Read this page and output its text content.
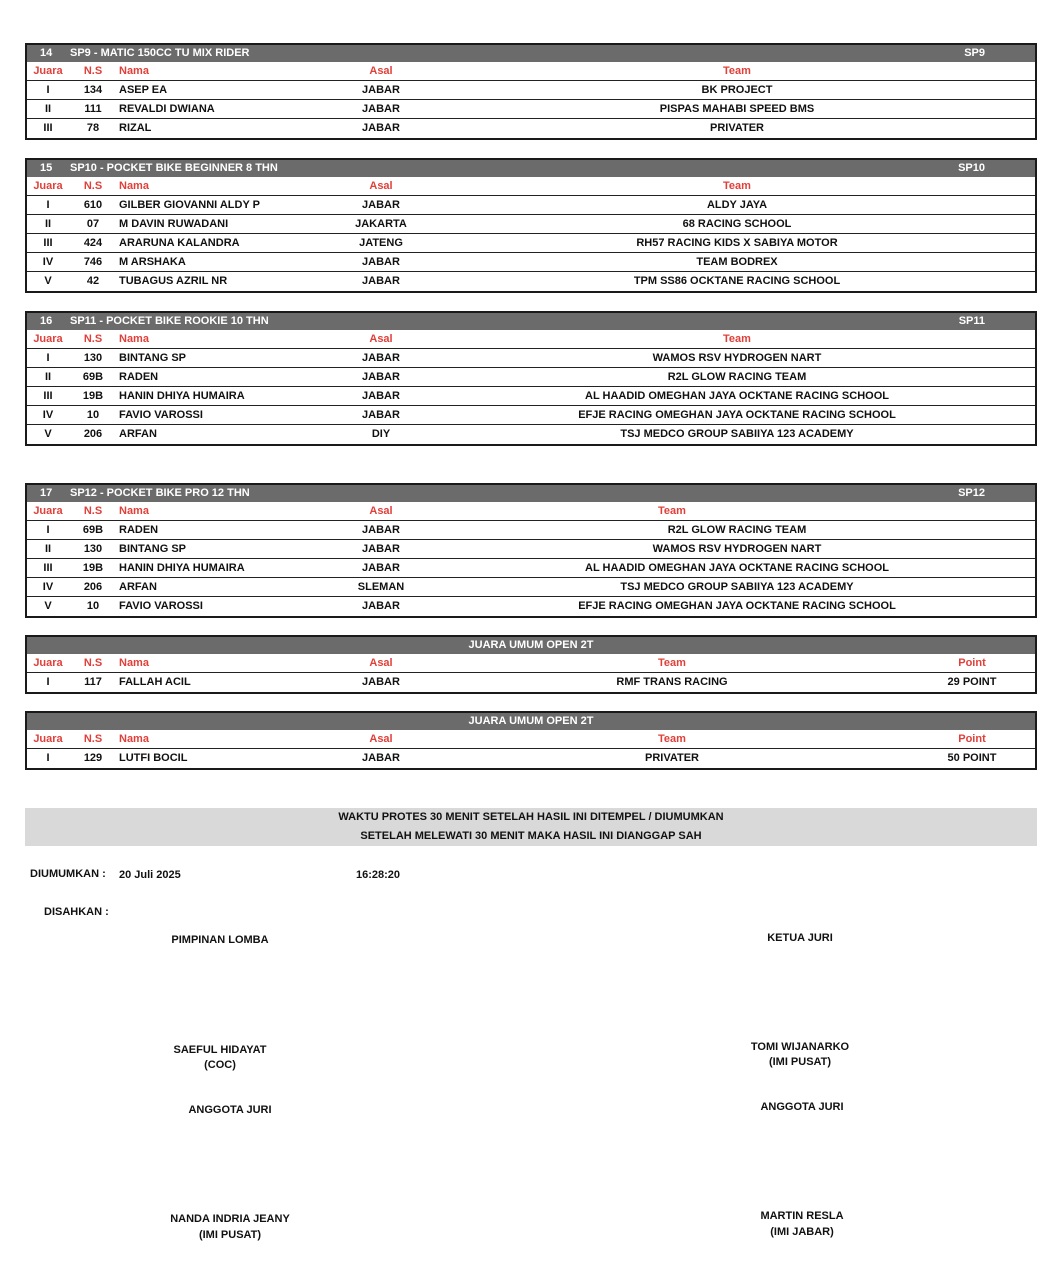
14 SP9 - MATIC 150CC TU MIX RIDER	SP9
Juara	N.S	Nama	Asal	Team
I	134	ASEP EA	JABAR	BK PROJECT
II	111	REVALDI DWIANA	JABAR	PISPAS MAHABI SPEED BMS
III	78	RIZAL	JABAR	PRIVATER
15 SP10 - POCKET BIKE BEGINNER 8 THN	SP10
Juara	N.S	Nama	Asal	Team
I	610	GILBER GIOVANNI ALDY P	JABAR	ALDY JAYA
II	07	M DAVIN RUWADANI	JAKARTA	68 RACING SCHOOL
III	424	ARARUNA KALANDRA	JATENG	RH57 RACING KIDS X SABIYA MOTOR
IV	746	M ARSHAKA	JABAR	TEAM BODREX
V	42	TUBAGUS AZRIL NR	JABAR	TPM SS86 OCKTANE RACING SCHOOL
16 SP11 - POCKET BIKE ROOKIE 10 THN	SP11
Juara	N.S	Nama	Asal	Team
I	130	BINTANG SP	JABAR	WAMOS RSV HYDROGEN NART
II	69B	RADEN	JABAR	R2L GLOW RACING TEAM
III	19B	HANIN DHIYA HUMAIRA	JABAR	AL HAADID OMEGHAN JAYA OCKTANE RACING SCHOOL
IV	10	FAVIO VAROSSI	JABAR	EFJE RACING OMEGHAN JAYA OCKTANE RACING SCHOOL
V	206	ARFAN	DIY	TSJ MEDCO GROUP SABIIYA 123 ACADEMY
17 SP12 - POCKET BIKE PRO 12 THN	SP12
Juara	N.S	Nama	Asal	Team
I	69B	RADEN	JABAR	R2L GLOW RACING TEAM
II	130	BINTANG SP	JABAR	WAMOS RSV HYDROGEN NART
III	19B	HANIN DHIYA HUMAIRA	JABAR	AL HAADID OMEGHAN JAYA OCKTANE RACING SCHOOL
IV	206	ARFAN	SLEMAN	TSJ MEDCO GROUP SABIIYA 123 ACADEMY
V	10	FAVIO VAROSSI	JABAR	EFJE RACING OMEGHAN JAYA OCKTANE RACING SCHOOL
JUARA UMUM OPEN 2T
Juara	N.S	Nama	Asal	Team	Point
I	117	FALLAH ACIL	JABAR	RMF TRANS RACING	29 POINT
JUARA UMUM OPEN 2T
Juara	N.S	Nama	Asal	Team	Point
I	129	LUTFI BOCIL	JABAR	PRIVATER	50 POINT
WAKTU PROTES 30 MENIT SETELAH HASIL INI DITEMPEL / DIUMUMKAN
SETELAH MELEWATI 30 MENIT MAKA HASIL INI DIANGGAP SAH
DIUMUMKAN : 20 Juli 2025	16:28:20
DISAHKAN :
PIMPINAN LOMBA	KETUA JURI
SAEFUL HIDAYAT
(COC)
TOMI WIJANARKO
(IMI PUSAT)
ANGGOTA JURI	ANGGOTA JURI
NANDA INDRIA JEANY
(IMI PUSAT)
MARTIN RESLA
(IMI JABAR)
